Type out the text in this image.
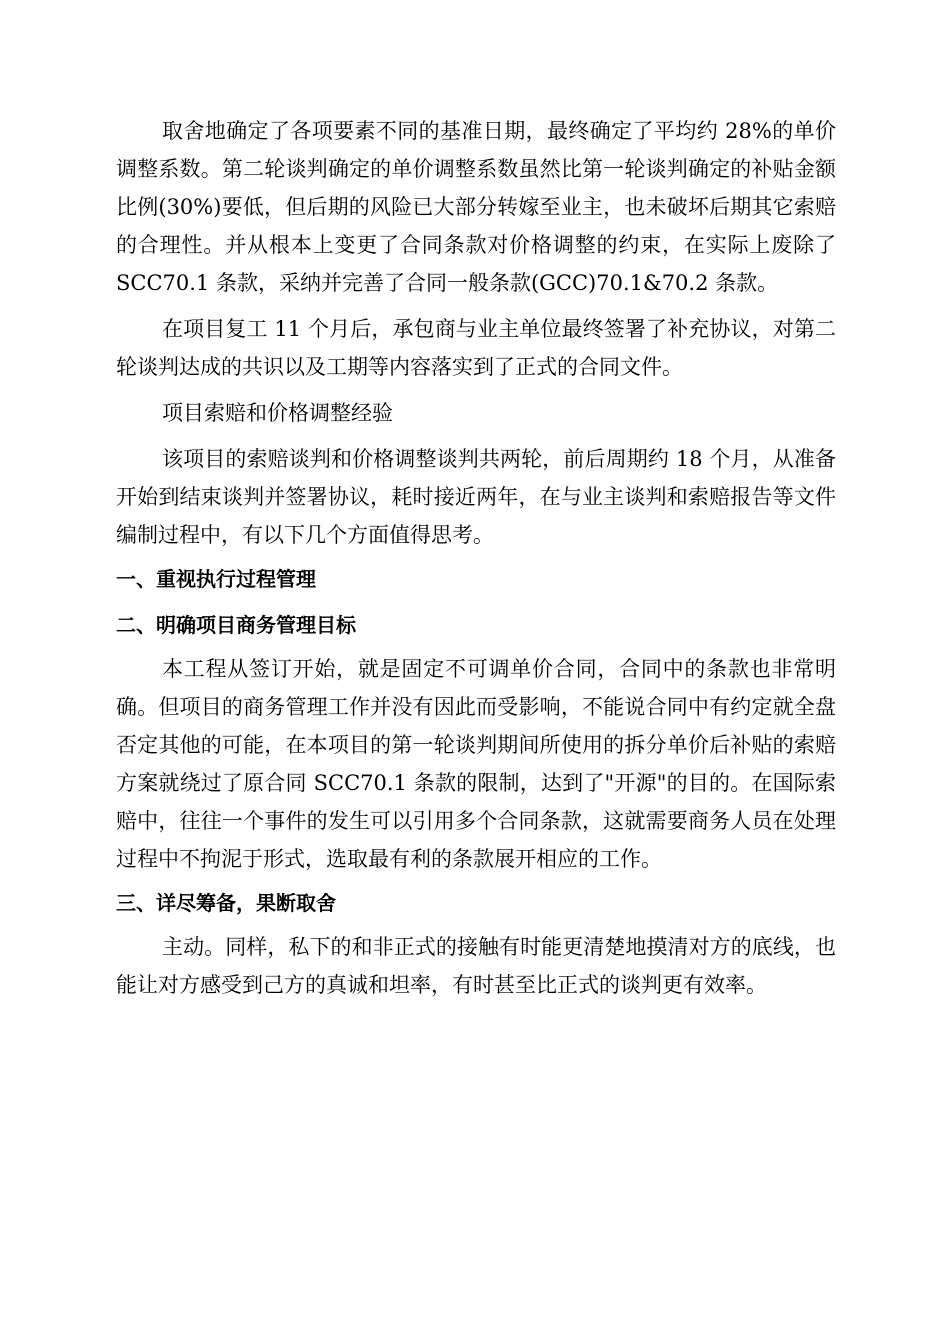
取舍地确定了各项要素不同的基准日期，最终确定了平均约 28%的单价调整系数。第二轮谈判确定的单价调整系数虽然比第一轮谈判确定的补贴金额比例(30%)要低，但后期的风险已大部分转嫁至业主，也未破坏后期其它索赔的合理性。并从根本上变更了合同条款对价格调整的约束，在实际上废除了 SCC70.1 条款，采纳并完善了合同一般条款(GCC)70.1&70.2 条款。

在项目复工 11 个月后，承包商与业主单位最终签署了补充协议，对第二轮谈判达成的共识以及工期等内容落实到了正式的合同文件。

项目索赔和价格调整经验

该项目的索赔谈判和价格调整谈判共两轮，前后周期约 18 个月，从准备开始到结束谈判并签署协议，耗时接近两年，在与业主谈判和索赔报告等文件编制过程中，有以下几个方面值得思考。

一、重视执行过程管理

二、明确项目商务管理目标

本工程从签订开始，就是固定不可调单价合同，合同中的条款也非常明确。但项目的商务管理工作并没有因此而受影响，不能说合同中有约定就全盘否定其他的可能，在本项目的第一轮谈判期间所使用的拆分单价后补贴的索赔方案就绕过了原合同 SCC70.1 条款的限制，达到了"开源"的目的。在国际索赔中，往往一个事件的发生可以引用多个合同条款，这就需要商务人员在处理过程中不拘泥于形式，选取最有利的条款展开相应的工作。

三、详尽筹备，果断取舍

主动。同样，私下的和非正式的接触有时能更清楚地摸清对方的底线，也能让对方感受到己方的真诚和坦率，有时甚至比正式的谈判更有效率。
